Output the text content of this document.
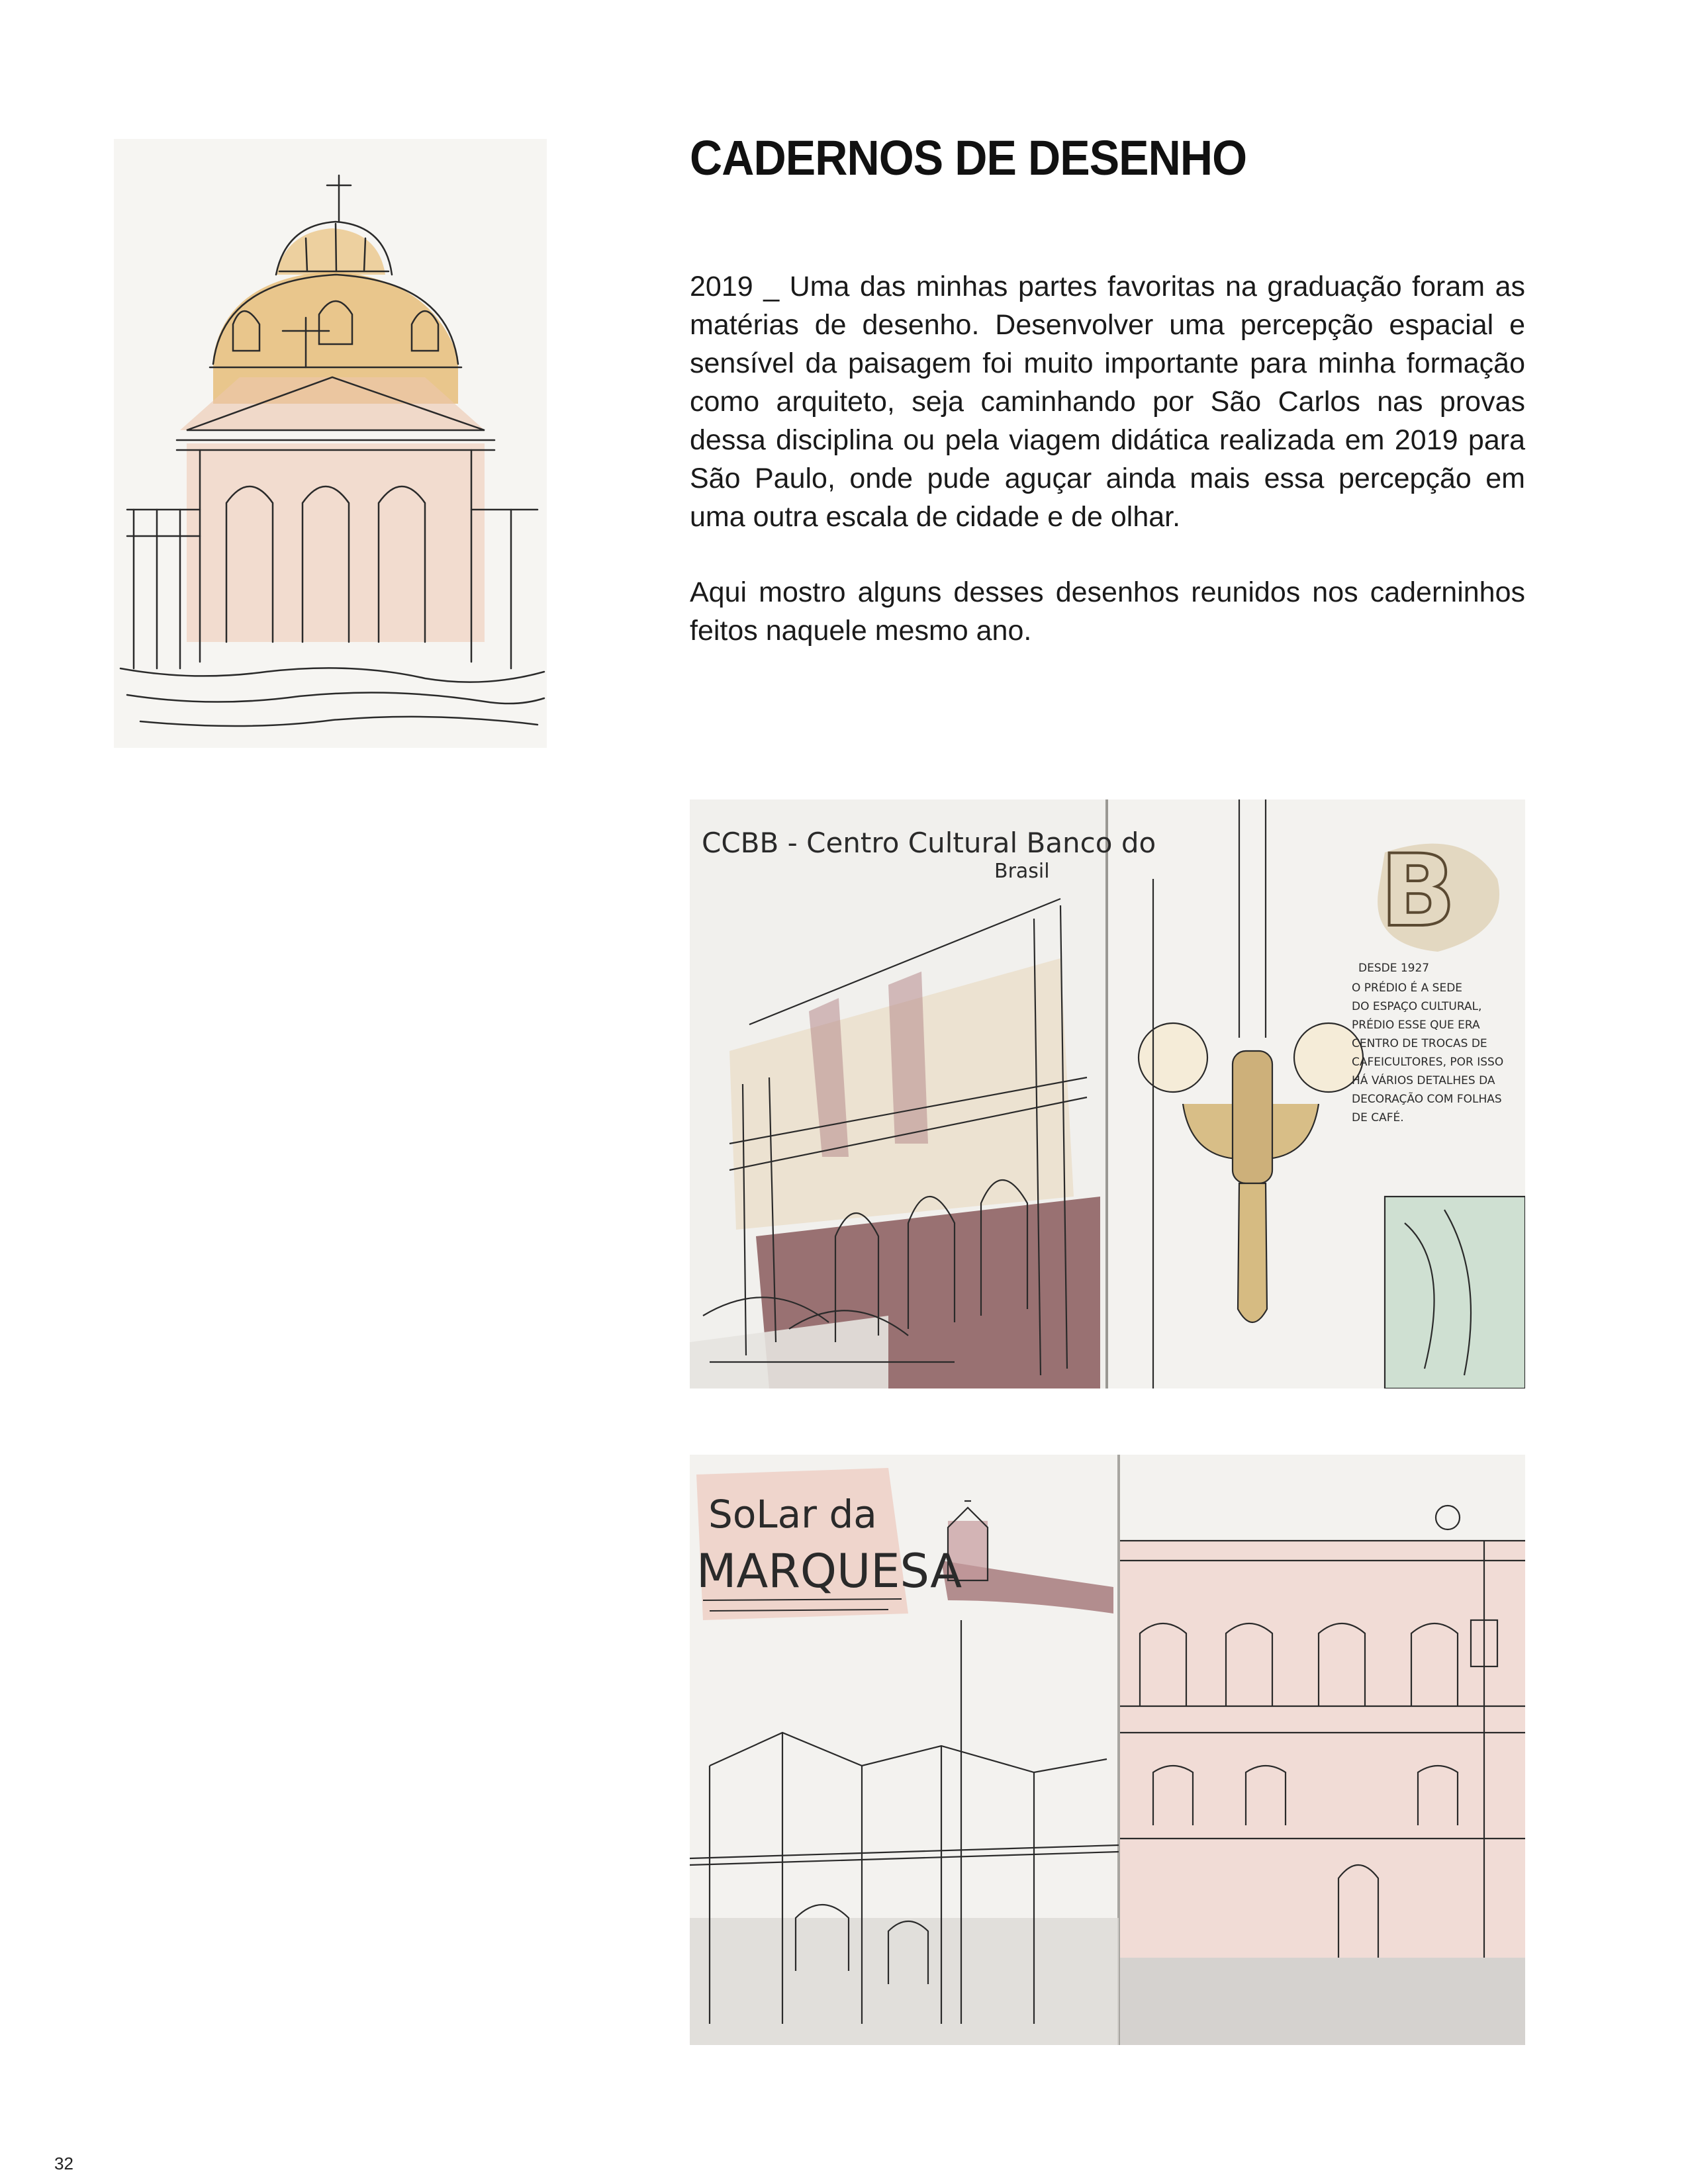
CADERNOS DE DESENHO

2019 _ Uma das minhas partes favoritas na graduação foram as matérias de desenho. Desenvolver uma percepção espacial e sensível da paisagem foi muito importante para minha formação como arquiteto, seja caminhando por São Carlos nas provas dessa disciplina ou pela viagem didática realizada em 2019 para São Paulo, onde pude aguçar ainda mais essa percepção em uma outra escala de cidade e de olhar.

Aqui mostro alguns desses desenhos reunidos nos caderninhos feitos naquele mesmo ano.

B
CCBB - Centro Cultural Banco do
Brasil
DESDE 1927
O PRÉDIO É A SEDE
DO ESPAÇO CULTURAL,
PRÉDIO ESSE QUE ERA
CENTRO DE TROCAS DE
CAFEICULTORES, POR ISSO
HÁ VÁRIOS DETALHES DA
DECORAÇÃO COM FOLHAS
DE CAFÉ.
SoLar da
MARQUESA
32
